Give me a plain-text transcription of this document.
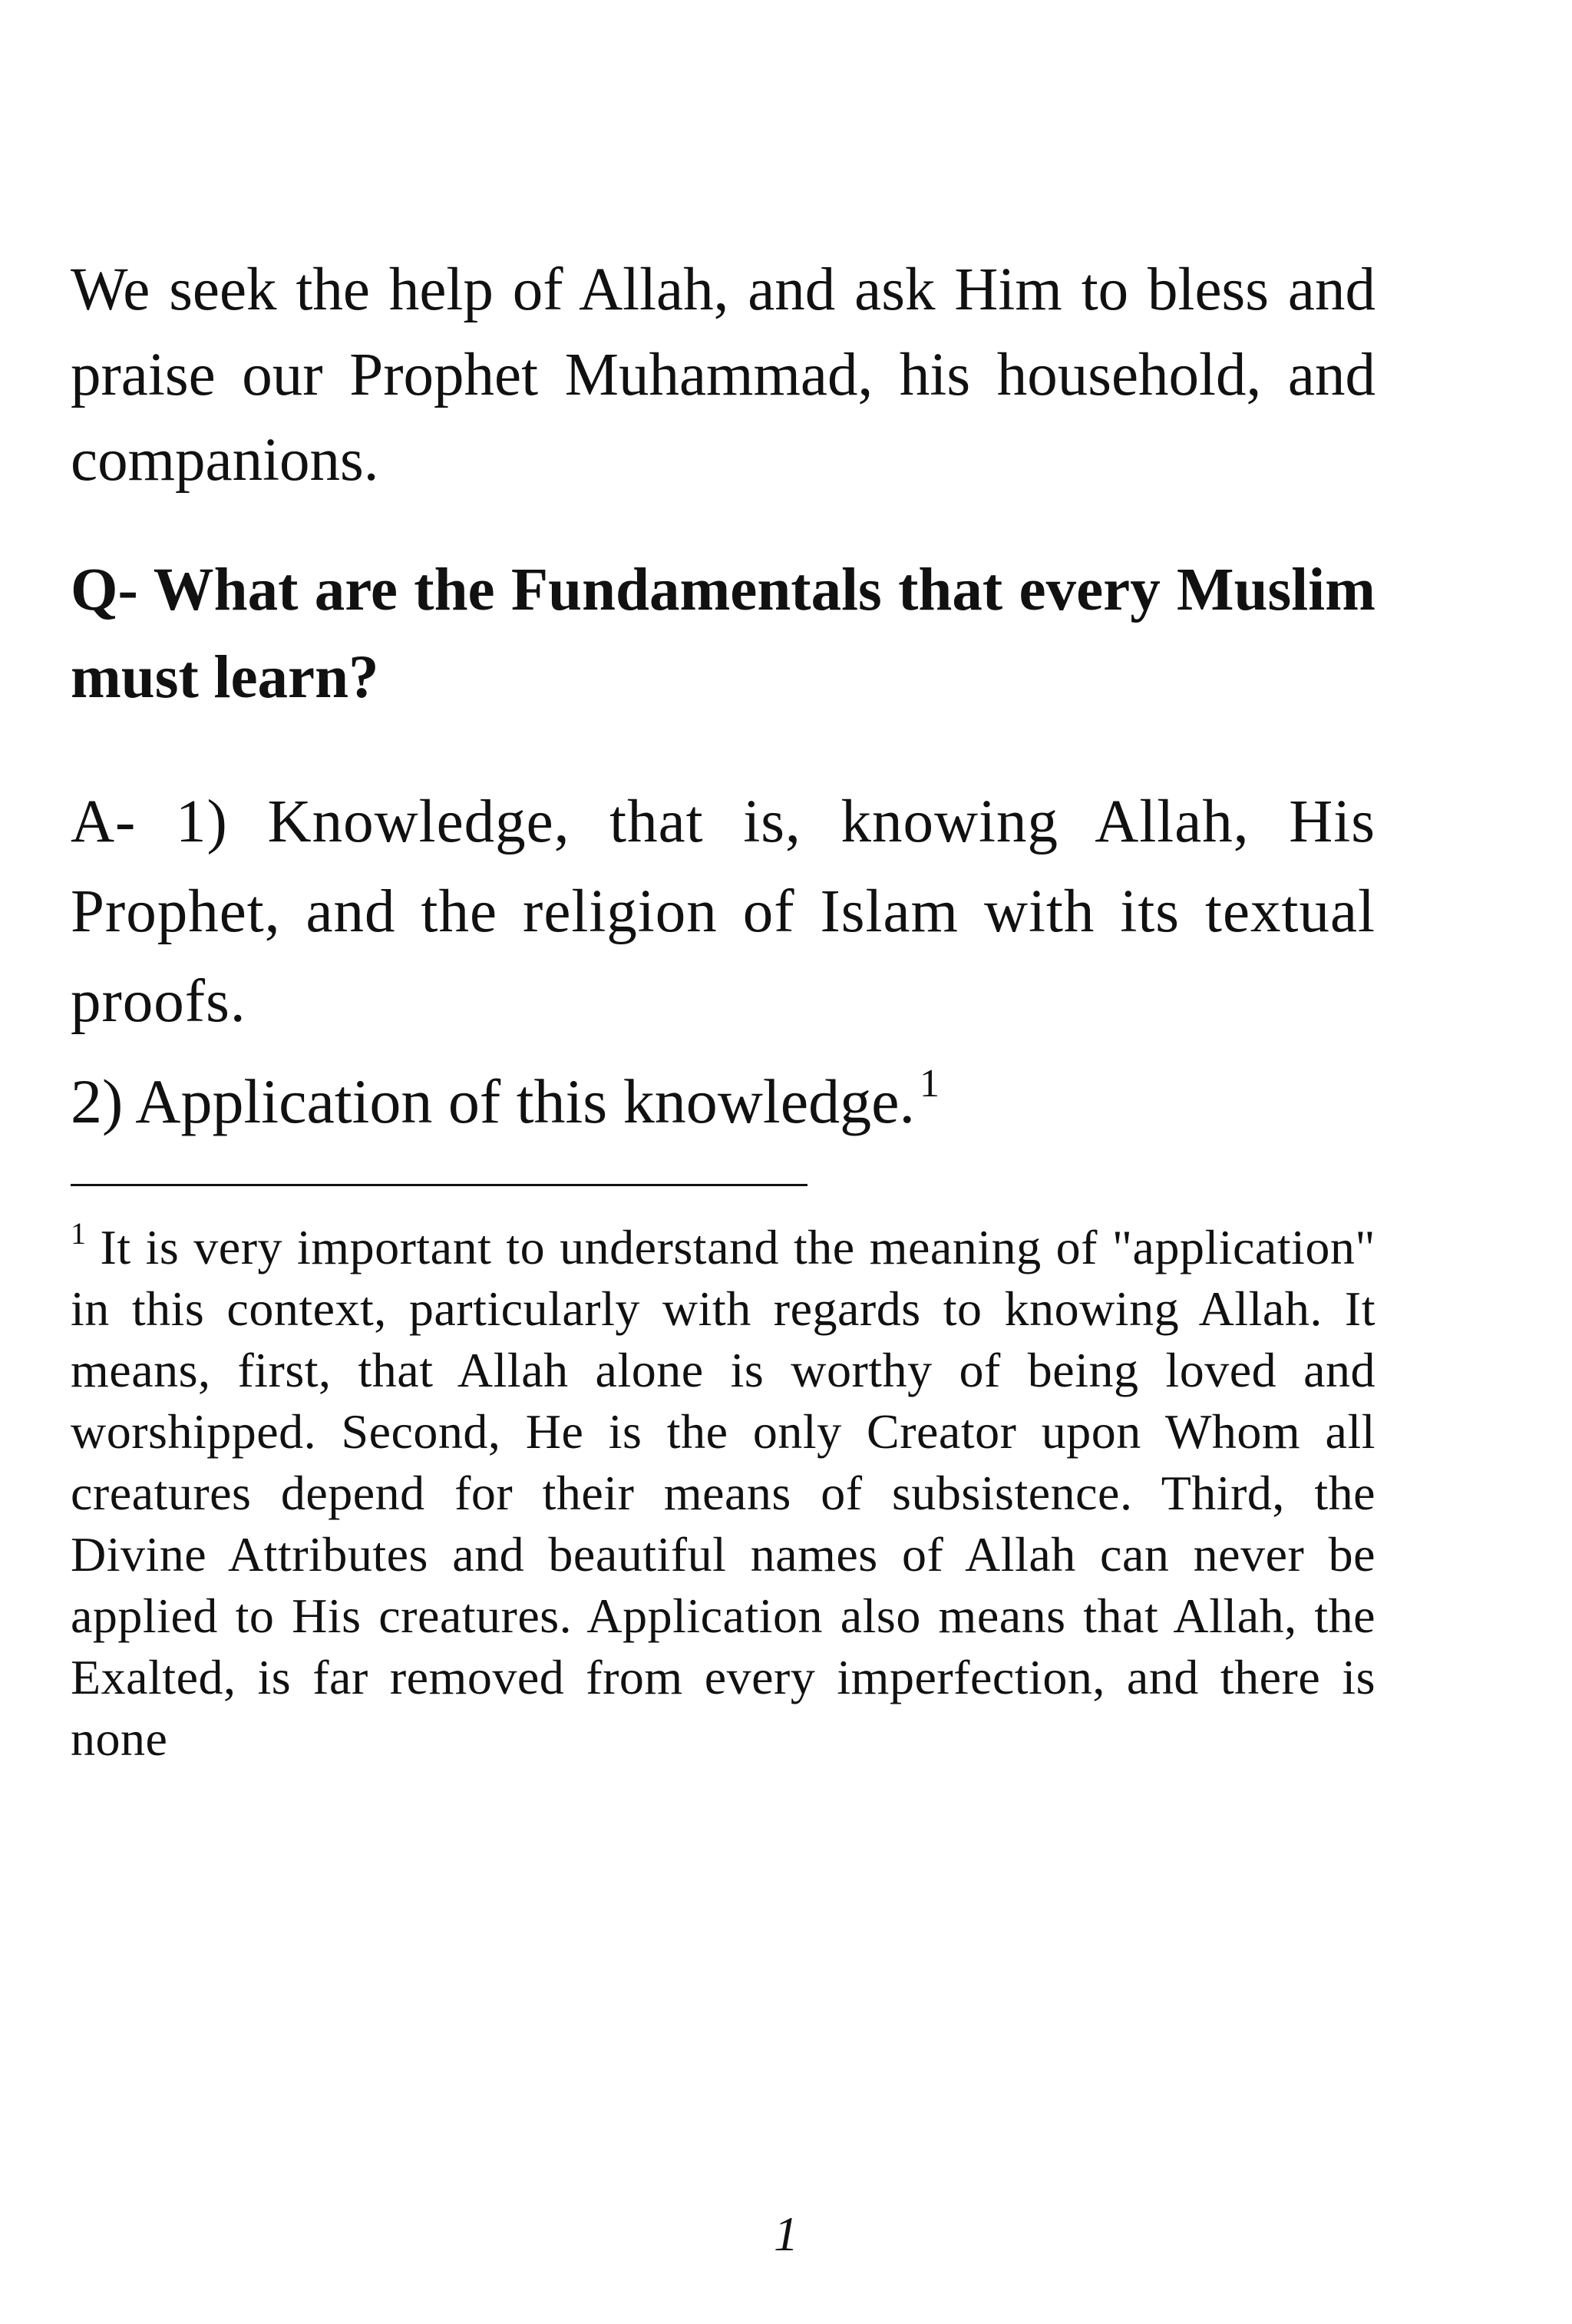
We seek the help of Allah, and ask Him to bless and praise our Prophet Muhammad, his household, and companions.

Q- What are the Fundamentals that every Muslim must learn?

A- 1) Knowledge, that is, knowing Allah, His Prophet, and the religion of Islam with its textual proofs.

2) Application of this knowledge. $^1$

$^1$ It is very important to understand the meaning of "application" in this context, particularly with regards to knowing Allah. It means, first, that Allah alone is worthy of being loved and worshipped. Second, He is the only Creator upon Whom all creatures depend for their means of subsistence. Third, the Divine Attributes and beautiful names of Allah can never be applied to His creatures. Application also means that Allah, the Exalted, is far removed from every imperfection, and there is none

1
